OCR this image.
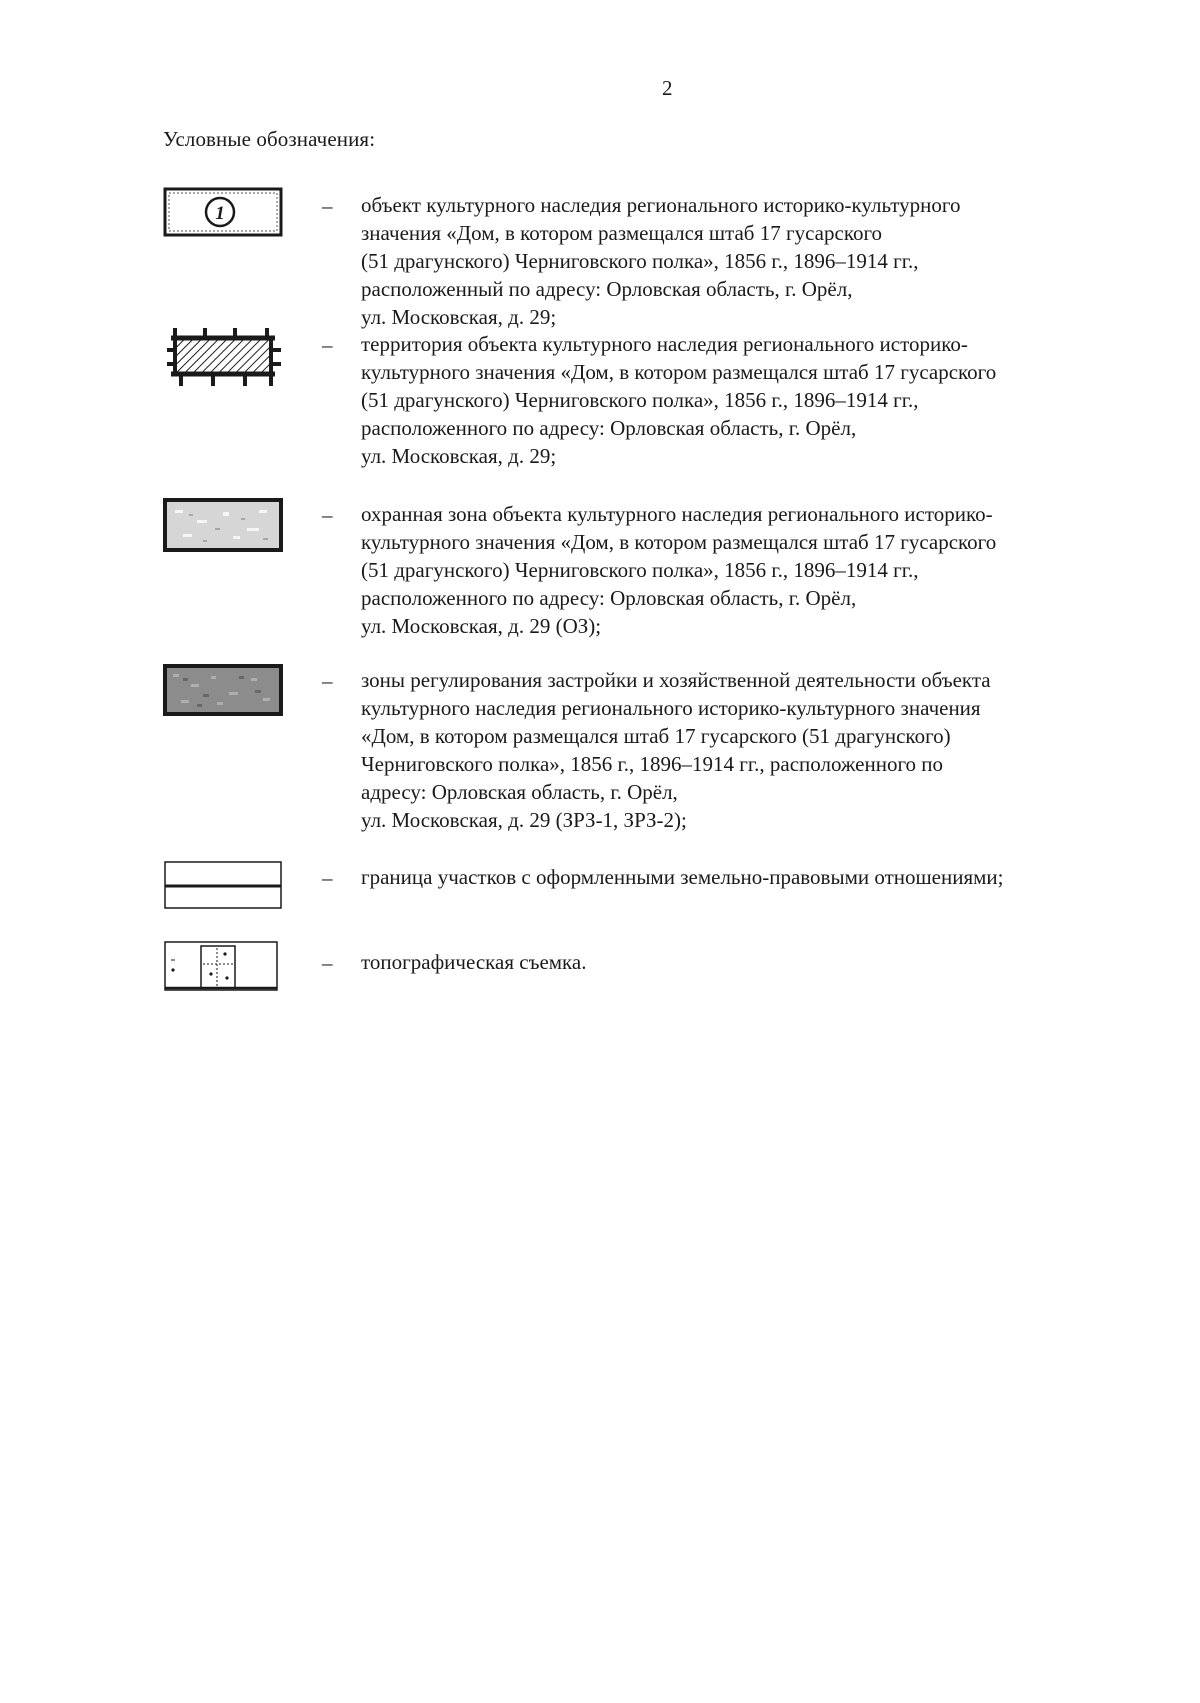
2
Условные обозначения:
1	– объект культурного наследия регионального историко-культурного
значения «Дом, в котором размещался штаб 17 гусарского
(51 драгунского) Черниговского полка», 1856 г., 1896–1914 гг.,
расположенный по адресу: Орловская область, г. Орёл,
ул. Московская, д. 29;

– территория объекта культурного наследия регионального историко-
культурного значения «Дом, в котором размещался штаб 17 гусарского
(51 драгунского) Черниговского полка», 1856 г., 1896–1914 гг.,
расположенного по адресу: Орловская область, г. Орёл,
ул. Московская, д. 29;

– охранная зона объекта культурного наследия регионального историко-
культурного значения «Дом, в котором размещался штаб 17 гусарского
(51 драгунского) Черниговского полка», 1856 г., 1896–1914 гг.,
расположенного по адресу: Орловская область, г. Орёл,
ул. Московская, д. 29 (ОЗ);

– зоны регулирования застройки и хозяйственной деятельности объекта
культурного наследия регионального историко-культурного значения
«Дом, в котором размещался штаб 17 гусарского (51 драгунского)
Черниговского полка», 1856 г., 1896–1914 гг., расположенного по
адресу: Орловская область, г. Орёл,
ул. Московская, д. 29 (ЗРЗ-1, ЗРЗ-2);

– граница участков с оформленными земельно-правовыми отношениями;

– топографическая съемка.
